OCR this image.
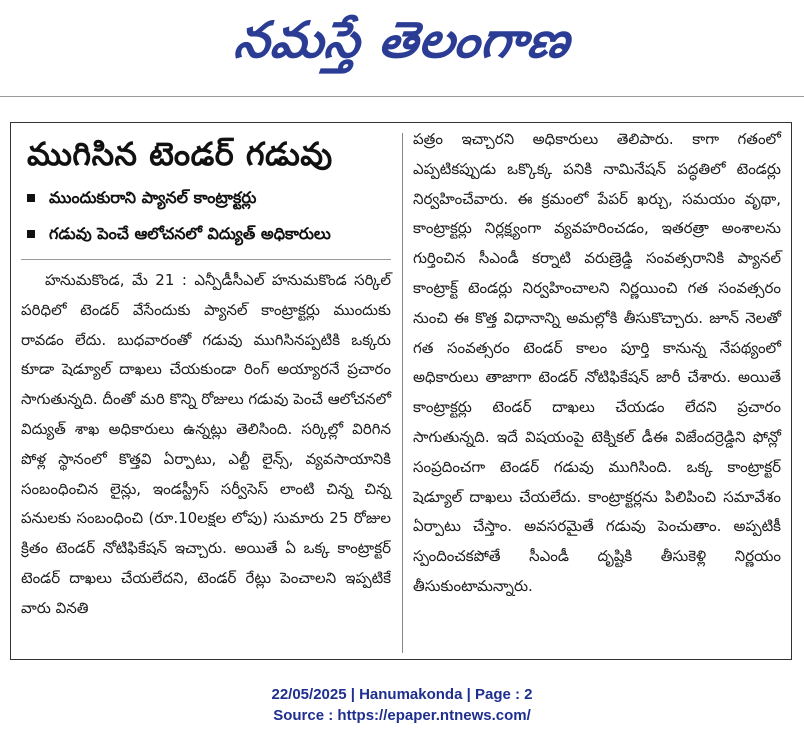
నమస్తే తెలంగాణ
ముగిసిన టెండర్ గడువు
ముందుకురాని ప్యానల్ కాంట్రాక్టర్లు
గడువు పెంచే ఆలోచనలో విద్యుత్ అధికారులు

హనుమకొండ, మే 21 : ఎన్పీడీసీఎల్ హనుమకొండ సర్కిల్ పరిధిలో టెండర్ వేసేందుకు ప్యానల్ కాంట్రాక్టర్లు ముందుకు రావడం లేదు. బుధవారంతో గడువు ముగిసినప్పటికి ఒక్కరు కూడా షెడ్యూల్ దాఖలు చేయకుండా రింగ్ అయ్యారనే ప్రచారం సాగుతున్నది. దీంతో మరి కొన్ని రోజులు గడువు పెంచే ఆలోచనలో విద్యుత్ శాఖ అధికారులు ఉన్నట్లు తెలిసింది. సర్కిల్లో విరిగిన పోళ్ల స్థానంలో కొత్తవి ఏర్పాటు, ఎల్టీ లైన్స్, వ్యవసాయానికి సంబంధించిన లైన్లు, ఇండస్ట్రీస్ సర్వీసెస్ లాంటి చిన్న చిన్న పనులకు సంబంధించి (రూ.10లక్షల లోపు) సుమారు 25 రోజుల క్రితం టెండర్ నోటిఫికేషన్ ఇచ్చారు. అయితే ఏ ఒక్క కాంట్రాక్టర్ టెండర్ దాఖలు చేయలేదని, టెండర్ రేట్లు పెంచాలని ఇప్పటికే వారు వినతి

పత్రం ఇచ్చారని అధికారులు తెలిపారు. కాగా గతంలో ఎప్పటికప్పుడు ఒక్కొక్క పనికి నామినేషన్ పద్ధతిలో టెండర్లు నిర్వహించేవారు. ఈ క్రమంలో పేపర్ ఖర్చు, సమయం వృథా, కాంట్రాక్టర్లు నిర్లక్ష్యంగా వ్యవహరించడం, ఇతరత్రా అంశాలను గుర్తించిన సీఎండీ కర్నాటి వరుణ్రెడ్డి సంవత్సరానికి ప్యానల్ కాంట్రాక్ట్ టెండర్లు నిర్వహించాలని నిర్ణయించి గత సంవత్సరం నుంచి ఈ కొత్త విధానాన్ని అమల్లోకి తీసుకొచ్చారు. జూన్ నెలతో గత సంవత్సరం టెండర్ కాలం పూర్తి కానున్న నేపథ్యంలో అధికారులు తాజాగా టెండర్ నోటిఫికేషన్ జారీ చేశారు. అయితే కాంట్రాక్టర్లు టెండర్ దాఖలు చేయడం లేదని ప్రచారం సాగుతున్నది. ఇదే విషయంపై టెక్నికల్ డీఈ విజేందర్రెడ్డిని ఫోన్లో సంప్రదించగా టెండర్ గడువు ముగిసింది. ఒక్క కాంట్రాక్టర్ షెడ్యూల్ దాఖలు చేయలేదు. కాంట్రాక్టర్లను పిలిపించి సమావేశం ఏర్పాటు చేస్తాం. అవసరమైతే గడువు పెంచుతాం. అప్పటికీ స్పందించకపోతే సీఎండీ దృష్టికి తీసుకెళ్లి నిర్ణయం తీసుకుంటామన్నారు.

22/05/2025 | Hanumakonda | Page : 2
Source : https://epaper.ntnews.com/
